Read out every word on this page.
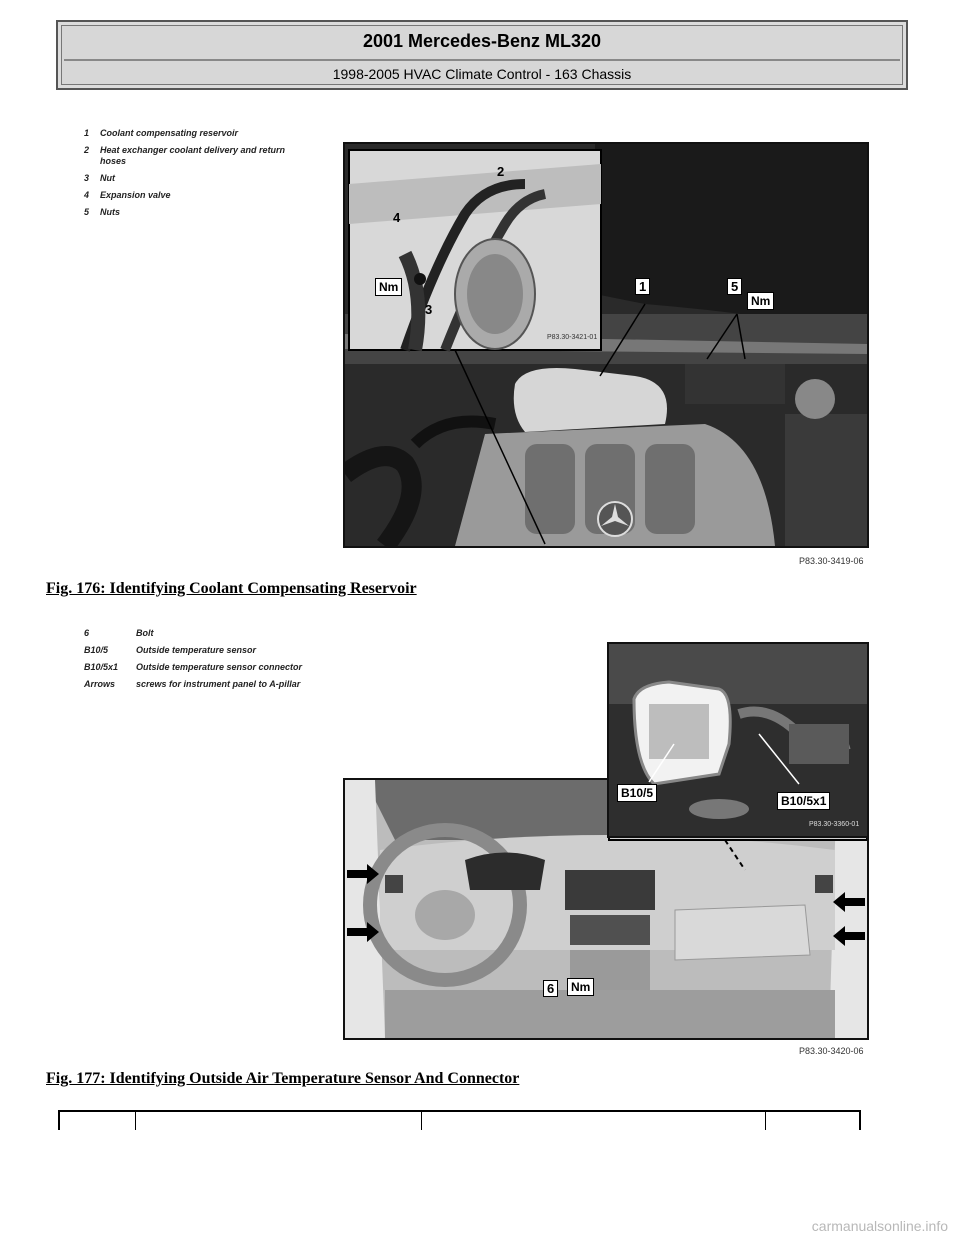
2001 Mercedes-Benz ML320
1998-2005 HVAC Climate Control - 163 Chassis
1	Coolant compensating reservoir
2	Heat exchanger coolant delivery and return hoses
3	Nut
4	Expansion valve
5	Nuts
1
2
3
4
5
Nm
Nm
P83.30-3421-01
P83.30-3419-06
Fig. 176: Identifying Coolant Compensating Reservoir
6	Bolt
B10/5	Outside temperature sensor
B10/5x1	Outside temperature sensor connector
Arrows	screws for instrument panel to A-pillar
6	Nm
B10/5
B10/5x1
P83.30-3360-01
P83.30-3420-06
Fig. 177: Identifying Outside Air Temperature Sensor And Connector
carmanualsonline.info
